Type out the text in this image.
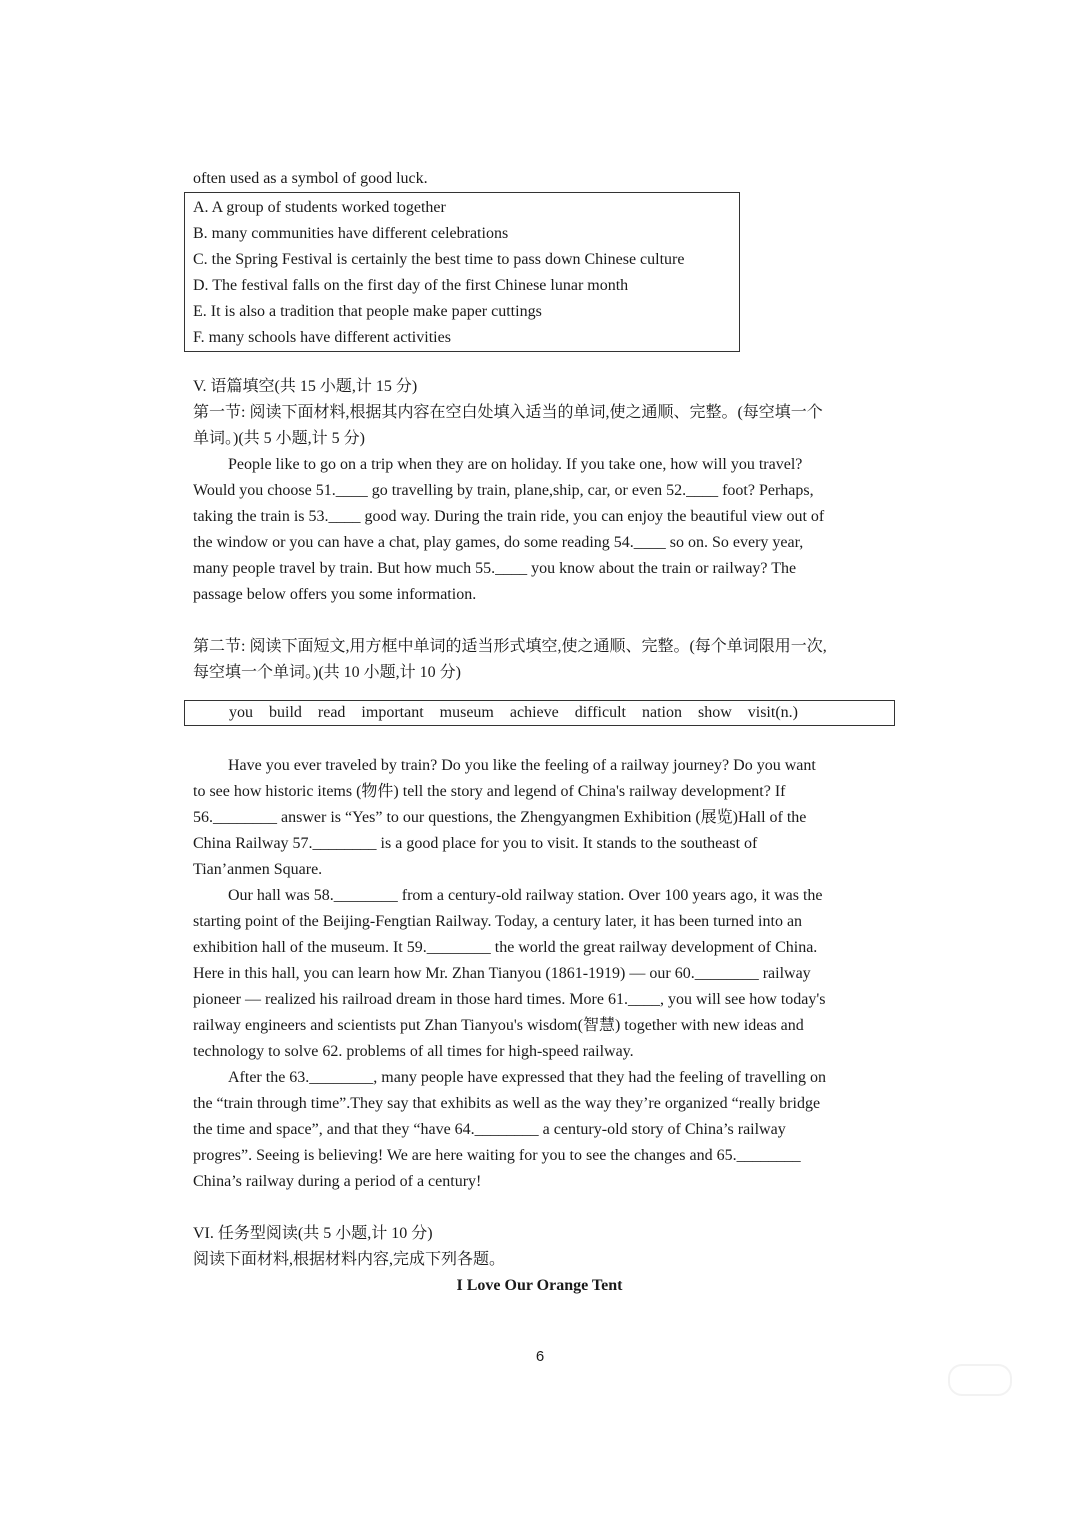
often used as a symbol of good luck.
A. A group of students worked together
B. many communities have different celebrations
C. the Spring Festival is certainly the best time to pass down Chinese culture
D. The festival falls on the first day of the first Chinese lunar month
E. It is also a tradition that people make paper cuttings
F. many schools have different activities
V. 语篇填空(共 15 小题,计 15 分)
第一节: 阅读下面材料,根据其内容在空白处填入适当的单词,使之通顺、完整。(每空填一个
单词。)(共 5 小题,计 5 分)
People like to go on a trip when they are on holiday. If you take one, how will you travel?
Would you choose 51.____ go travelling by train, plane,ship, car, or even 52.____ foot? Perhaps,
taking the train is 53.____ good way. During the train ride, you can enjoy the beautiful view out of
the window or you can have a chat, play games, do some reading 54.____ so on. So every year,
many people travel by train. But how much 55.____ you know about the train or railway? The
passage below offers you some information.
第二节: 阅读下面短文,用方框中单词的适当形式填空,使之通顺、完整。(每个单词限用一次,
每空填一个单词。)(共 10 小题,计 10 分)
you build read important museum achieve difficult nation show visit(n.)
Have you ever traveled by train? Do you like the feeling of a railway journey? Do you want
to see how historic items (物件) tell the story and legend of China's railway development? If
56.________ answer is “Yes” to our questions, the Zhengyangmen Exhibition (展览)Hall of the
China Railway 57.________ is a good place for you to visit. It stands to the southeast of
Tian’anmen Square.
Our hall was 58.________ from a century-old railway station. Over 100 years ago, it was the
starting point of the Beijing-Fengtian Railway. Today, a century later, it has been turned into an
exhibition hall of the museum. It 59.________ the world the great railway development of China.
Here in this hall, you can learn how Mr. Zhan Tianyou (1861-1919) — our 60.________ railway
pioneer — realized his railroad dream in those hard times. More 61.____, you will see how today's
railway engineers and scientists put Zhan Tianyou's wisdom(智慧) together with new ideas and
technology to solve 62. problems of all times for high-speed railway.
After the 63.________, many people have expressed that they had the feeling of travelling on
the “train through time”.They say that exhibits as well as the way they’re organized “really bridge
the time and space”, and that they “have 64.________ a century-old story of China’s railway
progres”. Seeing is believing! We are here waiting for you to see the changes and 65.________
China’s railway during a period of a century!
VI. 任务型阅读(共 5 小题,计 10 分)
阅读下面材料,根据材料内容,完成下列各题。
I Love Our Orange Tent
6
